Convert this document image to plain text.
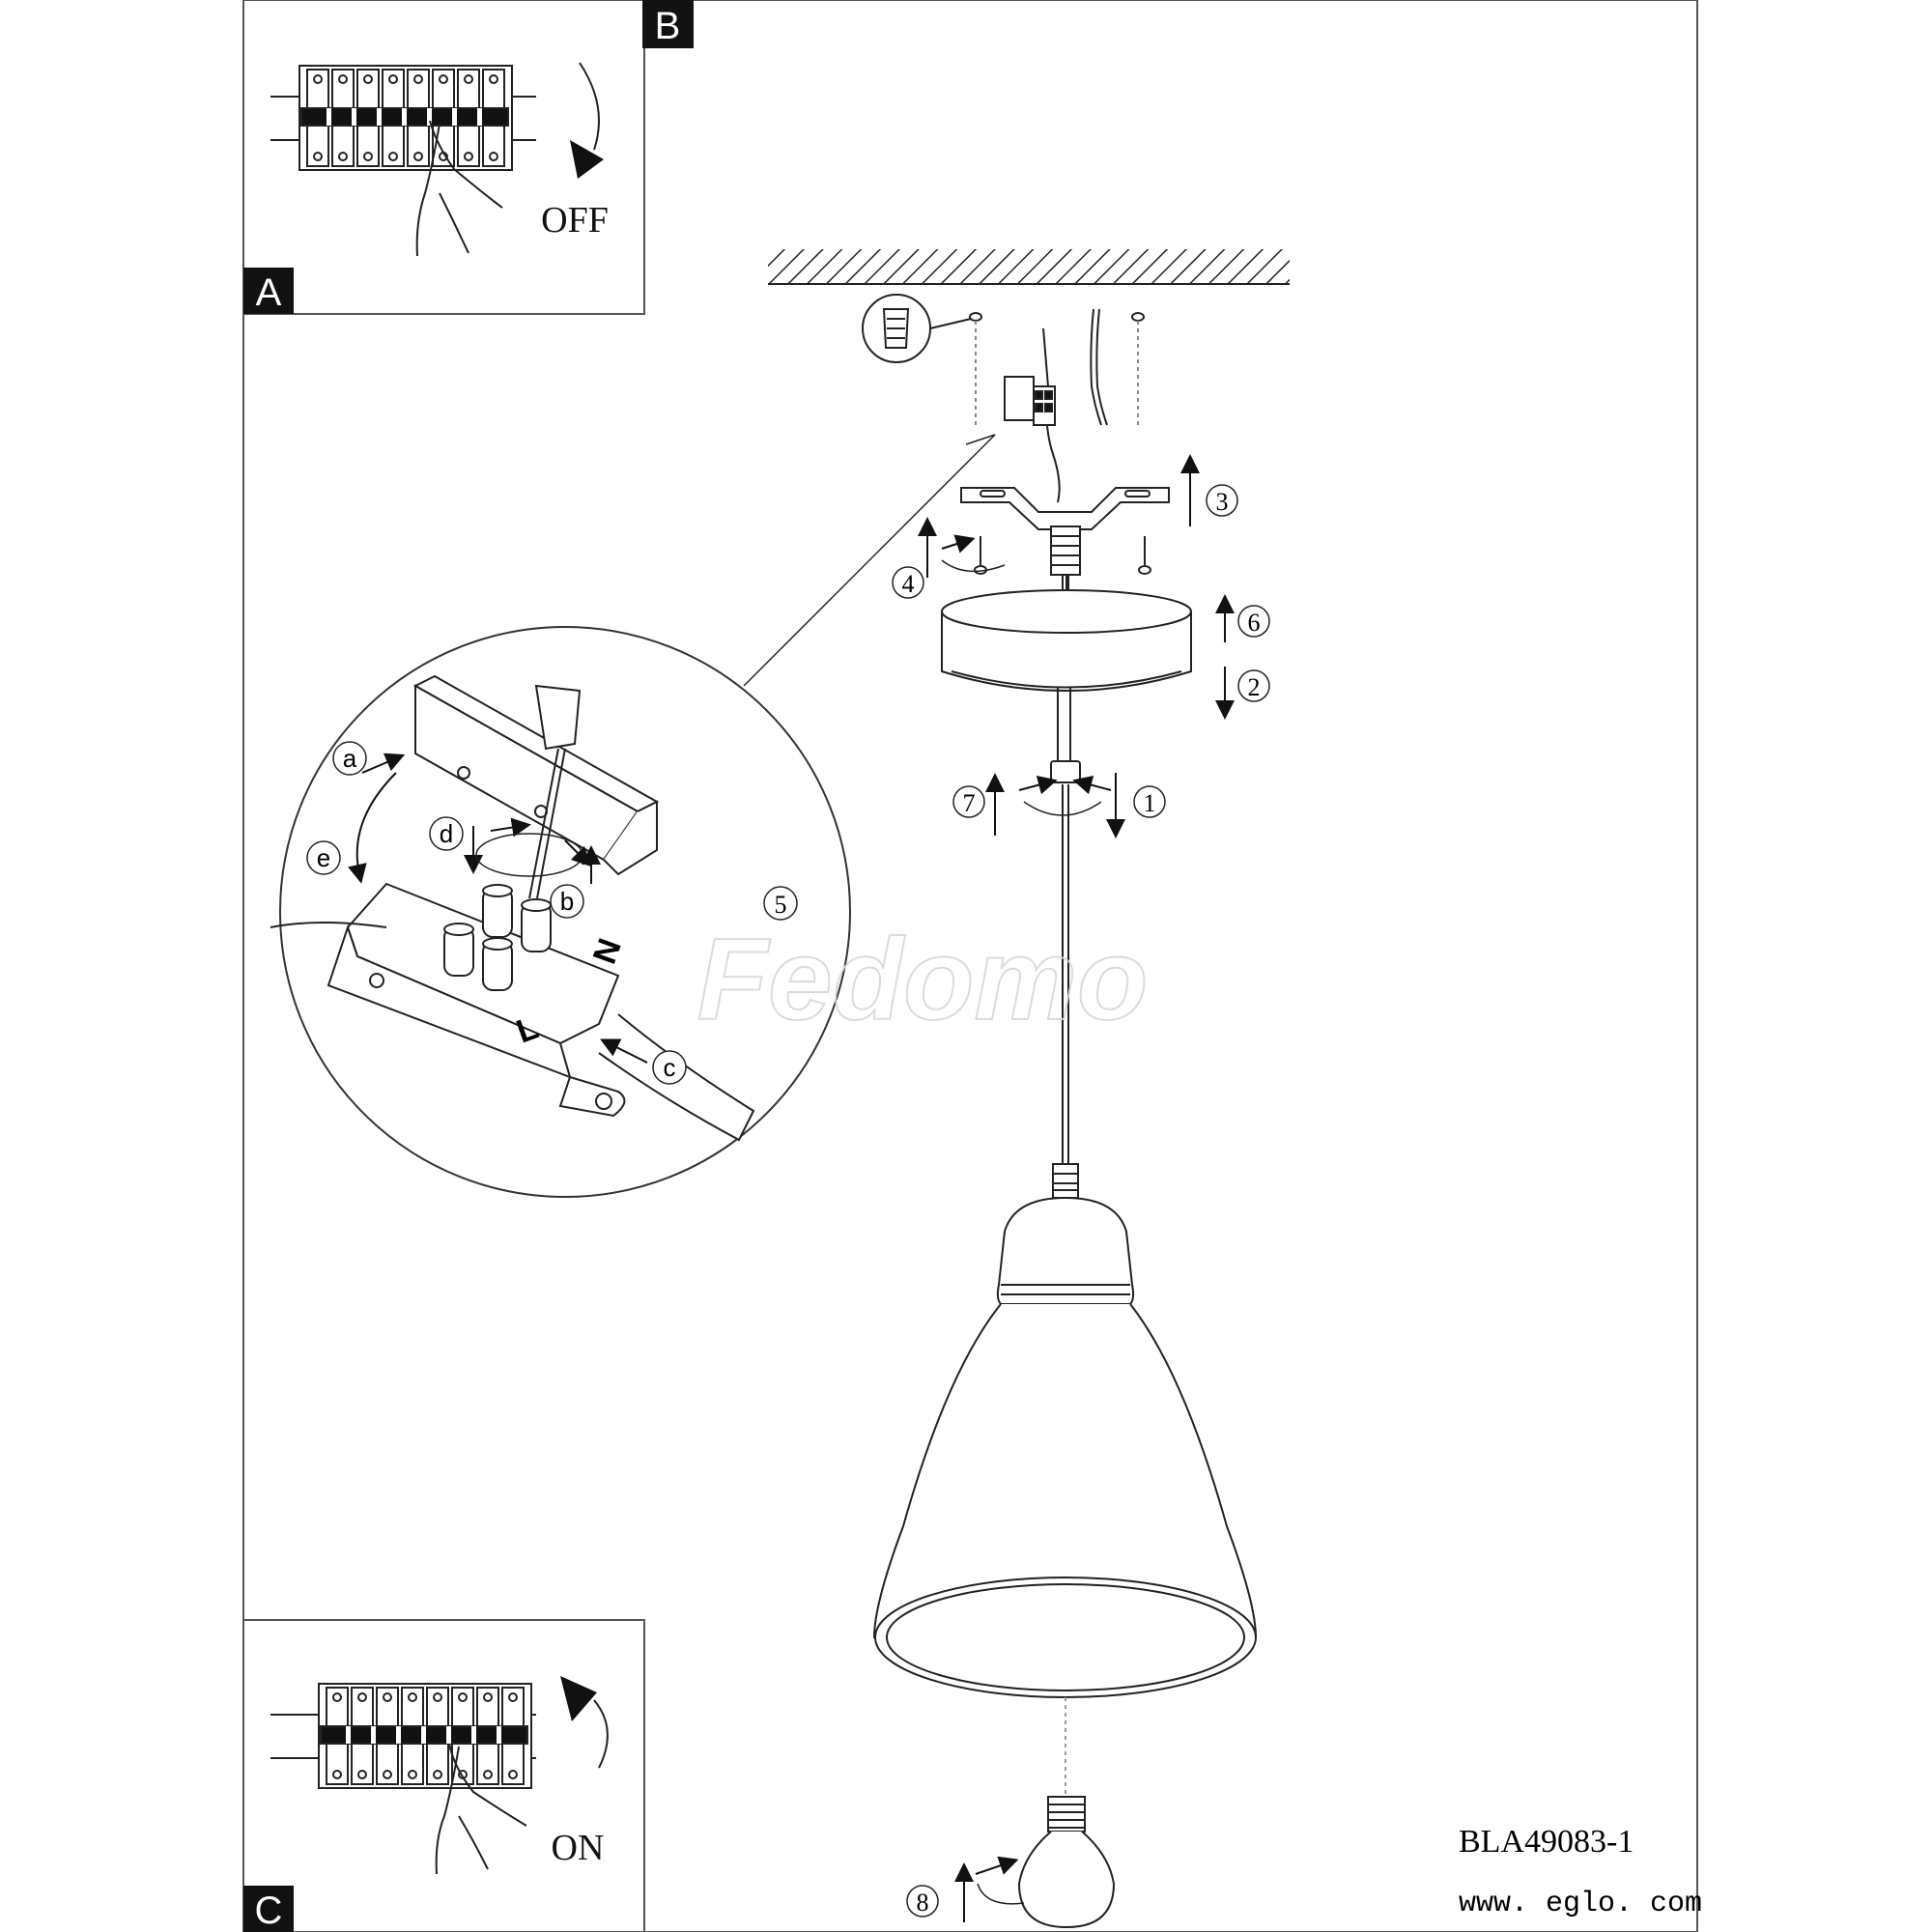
B
A
OFF
C
ON
3
4
6
2
7	1
8
a
e
d
b
c
N
L
5
Fedomo
BLA49083-1
www. eglo. com
